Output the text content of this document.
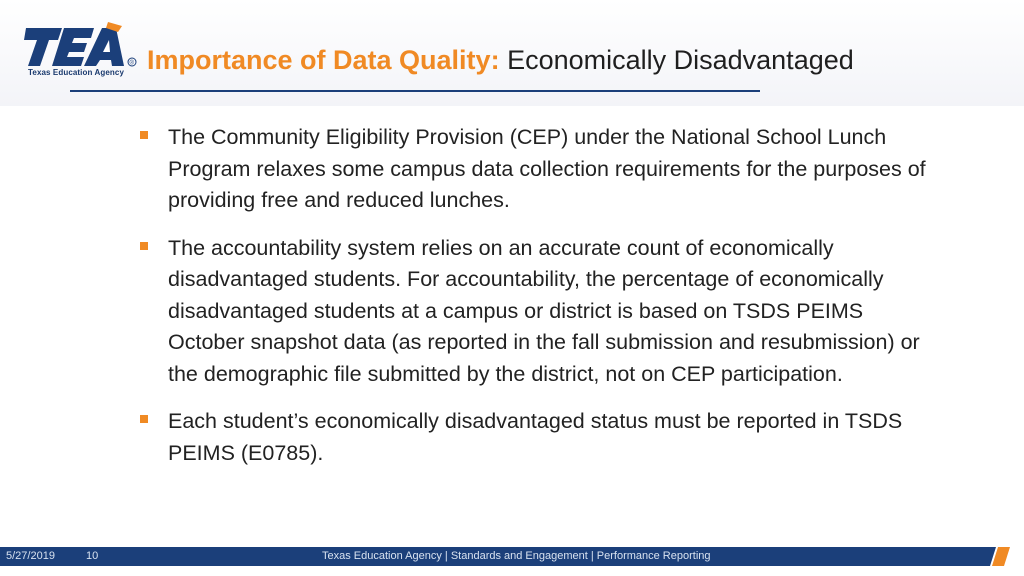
®
Texas Education Agency Importance of Data Quality: Economically Disadvantaged
The Community Eligibility Provision (CEP) under the National School Lunch Program relaxes some campus data collection requirements for the purposes of providing free and reduced lunches.
The accountability system relies on an accurate count of economically disadvantaged students. For accountability, the percentage of economically disadvantaged students at a campus or district is based on TSDS PEIMS October snapshot data (as reported in the fall submission and resubmission) or the demographic file submitted by the district, not on CEP participation.
Each student’s economically disadvantaged status must be reported in TSDS PEIMS (E0785).
5/27/2019	10	Texas Education Agency | Standards and Engagement | Performance Reporting
